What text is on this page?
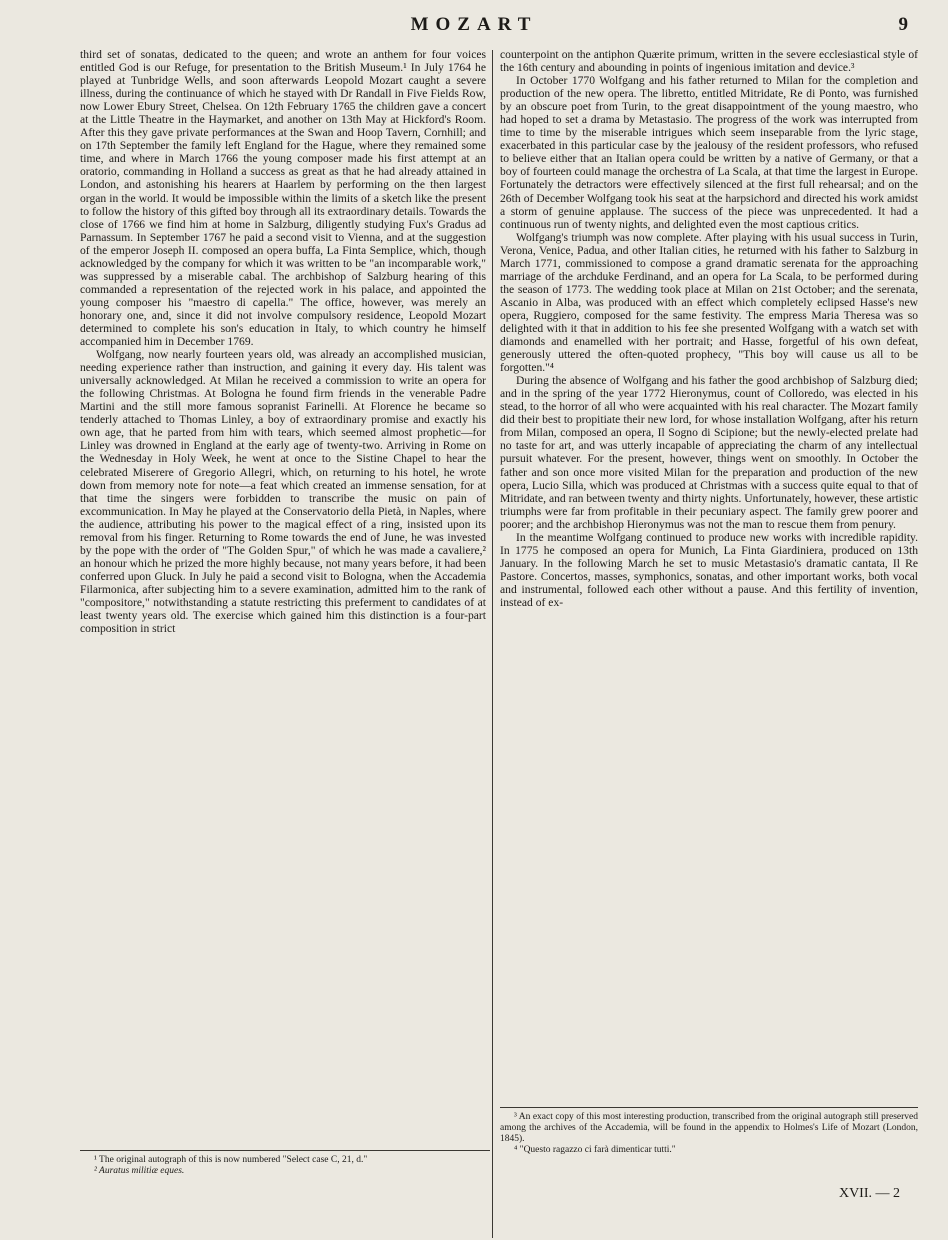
MOZART	9

third set of sonatas, dedicated to the queen; and wrote an anthem for four voices entitled God is our Refuge, for presentation to the British Museum.¹ In July 1764 he played at Tunbridge Wells, and soon afterwards Leopold Mozart caught a severe illness, during the continuance of which he stayed with Dr Randall in Five Fields Row, now Lower Ebury Street, Chelsea. On 12th February 1765 the children gave a concert at the Little Theatre in the Haymarket, and another on 13th May at Hickford's Room. After this they gave private performances at the Swan and Hoop Tavern, Cornhill; and on 17th September the family left England for the Hague, where they remained some time, and where in March 1766 the young composer made his first attempt at an oratorio, commanding in Holland a success as great as that he had already attained in London, and astonishing his hearers at Haarlem by performing on the then largest organ in the world. It would be impossible within the limits of a sketch like the present to follow the history of this gifted boy through all its extraordinary details. Towards the close of 1766 we find him at home in Salzburg, diligently studying Fux's Gradus ad Parnassum. In September 1767 he paid a second visit to Vienna, and at the suggestion of the emperor Joseph II. composed an opera buffa, La Finta Semplice, which, though acknowledged by the company for which it was written to be "an incomparable work," was suppressed by a miserable cabal. The archbishop of Salzburg hearing of this commanded a representation of the rejected work in his palace, and appointed the young composer his "maestro di capella." The office, however, was merely an honorary one, and, since it did not involve compulsory residence, Leopold Mozart determined to complete his son's education in Italy, to which country he himself accompanied him in December 1769.

Wolfgang, now nearly fourteen years old, was already an accomplished musician, needing experience rather than instruction, and gaining it every day. His talent was universally acknowledged. At Milan he received a commission to write an opera for the following Christmas. At Bologna he found firm friends in the venerable Padre Martini and the still more famous sopranist Farinelli. At Florence he became so tenderly attached to Thomas Linley, a boy of extraordinary promise and exactly his own age, that he parted from him with tears, which seemed almost prophetic—for Linley was drowned in England at the early age of twenty-two. Arriving in Rome on the Wednesday in Holy Week, he went at once to the Sistine Chapel to hear the celebrated Miserere of Gregorio Allegri, which, on returning to his hotel, he wrote down from memory note for note—a feat which created an immense sensation, for at that time the singers were forbidden to transcribe the music on pain of excommunication. In May he played at the Conservatorio della Pietà, in Naples, where the audience, attributing his power to the magical effect of a ring, insisted upon its removal from his finger. Returning to Rome towards the end of June, he was invested by the pope with the order of "The Golden Spur," of which he was made a cavaliere,² an honour which he prized the more highly because, not many years before, it had been conferred upon Gluck. In July he paid a second visit to Bologna, when the Accademia Filarmonica, after subjecting him to a severe examination, admitted him to the rank of "compositore," notwithstanding a statute restricting this preferment to candidates of at least twenty years old. The exercise which gained him this distinction is a four-part composition in strict

counterpoint on the antiphon Quærite primum, written in the severe ecclesiastical style of the 16th century and abounding in points of ingenious imitation and device.³

In October 1770 Wolfgang and his father returned to Milan for the completion and production of the new opera. The libretto, entitled Mitridate, Re di Ponto, was furnished by an obscure poet from Turin, to the great disappointment of the young maestro, who had hoped to set a drama by Metastasio. The progress of the work was interrupted from time to time by the miserable intrigues which seem inseparable from the lyric stage, exacerbated in this particular case by the jealousy of the resident professors, who refused to believe either that an Italian opera could be written by a native of Germany, or that a boy of fourteen could manage the orchestra of La Scala, at that time the largest in Europe. Fortunately the detractors were effectively silenced at the first full rehearsal; and on the 26th of December Wolfgang took his seat at the harpsichord and directed his work amidst a storm of genuine applause. The success of the piece was unprecedented. It had a continuous run of twenty nights, and delighted even the most captious critics.

Wolfgang's triumph was now complete. After playing with his usual success in Turin, Verona, Venice, Padua, and other Italian cities, he returned with his father to Salzburg in March 1771, commissioned to compose a grand dramatic serenata for the approaching marriage of the archduke Ferdinand, and an opera for La Scala, to be performed during the season of 1773. The wedding took place at Milan on 21st October; and the serenata, Ascanio in Alba, was produced with an effect which completely eclipsed Hasse's new opera, Ruggiero, composed for the same festivity. The empress Maria Theresa was so delighted with it that in addition to his fee she presented Wolfgang with a watch set with diamonds and enamelled with her portrait; and Hasse, forgetful of his own defeat, generously uttered the often-quoted prophecy, "This boy will cause us all to be forgotten."⁴

During the absence of Wolfgang and his father the good archbishop of Salzburg died; and in the spring of the year 1772 Hieronymus, count of Colloredo, was elected in his stead, to the horror of all who were acquainted with his real character. The Mozart family did their best to propitiate their new lord, for whose installation Wolfgang, after his return from Milan, composed an opera, Il Sogno di Scipione; but the newly-elected prelate had no taste for art, and was utterly incapable of appreciating the charm of any intellectual pursuit whatever. For the present, however, things went on smoothly. In October the father and son once more visited Milan for the preparation and production of the new opera, Lucio Silla, which was produced at Christmas with a success quite equal to that of Mitridate, and ran between twenty and thirty nights. Unfortunately, however, these artistic triumphs were far from profitable in their pecuniary aspect. The family grew poorer and poorer; and the archbishop Hieronymus was not the man to rescue them from penury.

In the meantime Wolfgang continued to produce new works with incredible rapidity. In 1775 he composed an opera for Munich, La Finta Giardiniera, produced on 13th January. In the following March he set to music Metastasio's dramatic cantata, Il Re Pastore. Concertos, masses, symphonics, sonatas, and other important works, both vocal and instrumental, followed each other without a pause. And this fertility of invention, instead of ex-

¹ The original autograph of this is now numbered "Select case C, 21, d."

² Auratus militiæ eques.

³ An exact copy of this most interesting production, transcribed from the original autograph still preserved among the archives of the Accademia, will be found in the appendix to Holmes's Life of Mozart (London, 1845).

⁴ "Questo ragazzo ci farà dimenticar tutti."

XVII. — 2
